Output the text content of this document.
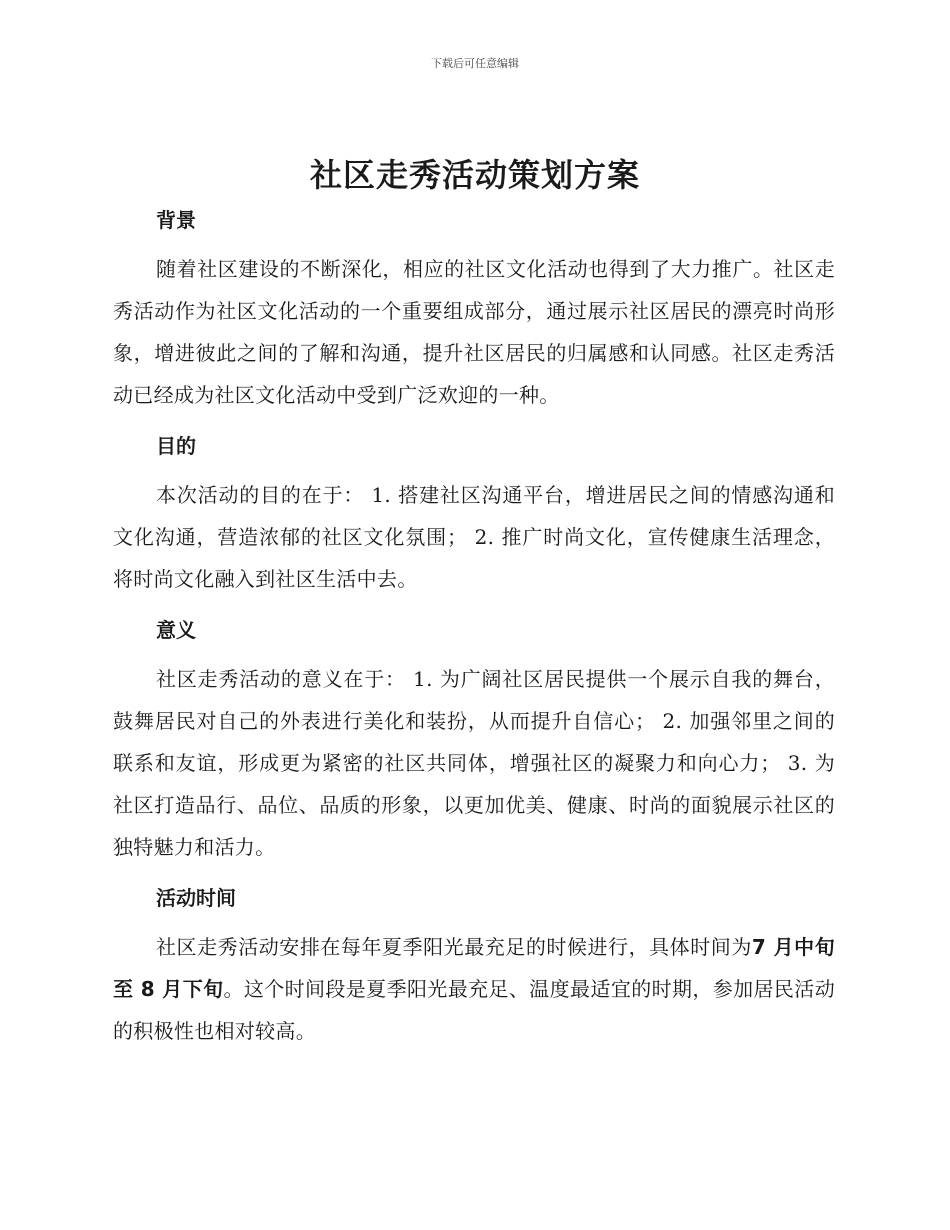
下载后可任意编辑
社区走秀活动策划方案
背景

随着社区建设的不断深化，相应的社区文化活动也得到了大力推广。社区走秀活动作为社区文化活动的一个重要组成部分，通过展示社区居民的漂亮时尚形象，增进彼此之间的了解和沟通，提升社区居民的归属感和认同感。社区走秀活动已经成为社区文化活动中受到广泛欢迎的一种。

目的

本次活动的目的在于： 1. 搭建社区沟通平台，增进居民之间的情感沟通和文化沟通，营造浓郁的社区文化氛围； 2. 推广时尚文化，宣传健康生活理念，将时尚文化融入到社区生活中去。

意义

社区走秀活动的意义在于： 1. 为广阔社区居民提供一个展示自我的舞台，鼓舞居民对自己的外表进行美化和装扮，从而提升自信心； 2. 加强邻里之间的联系和友谊，形成更为紧密的社区共同体，增强社区的凝聚力和向心力； 3. 为社区打造品行、品位、品质的形象，以更加优美、健康、时尚的面貌展示社区的独特魅力和活力。

活动时间

社区走秀活动安排在每年夏季阳光最充足的时候进行，具体时间为7 月中旬至 8 月下旬。这个时间段是夏季阳光最充足、温度最适宜的时期，参加居民活动的积极性也相对较高。
